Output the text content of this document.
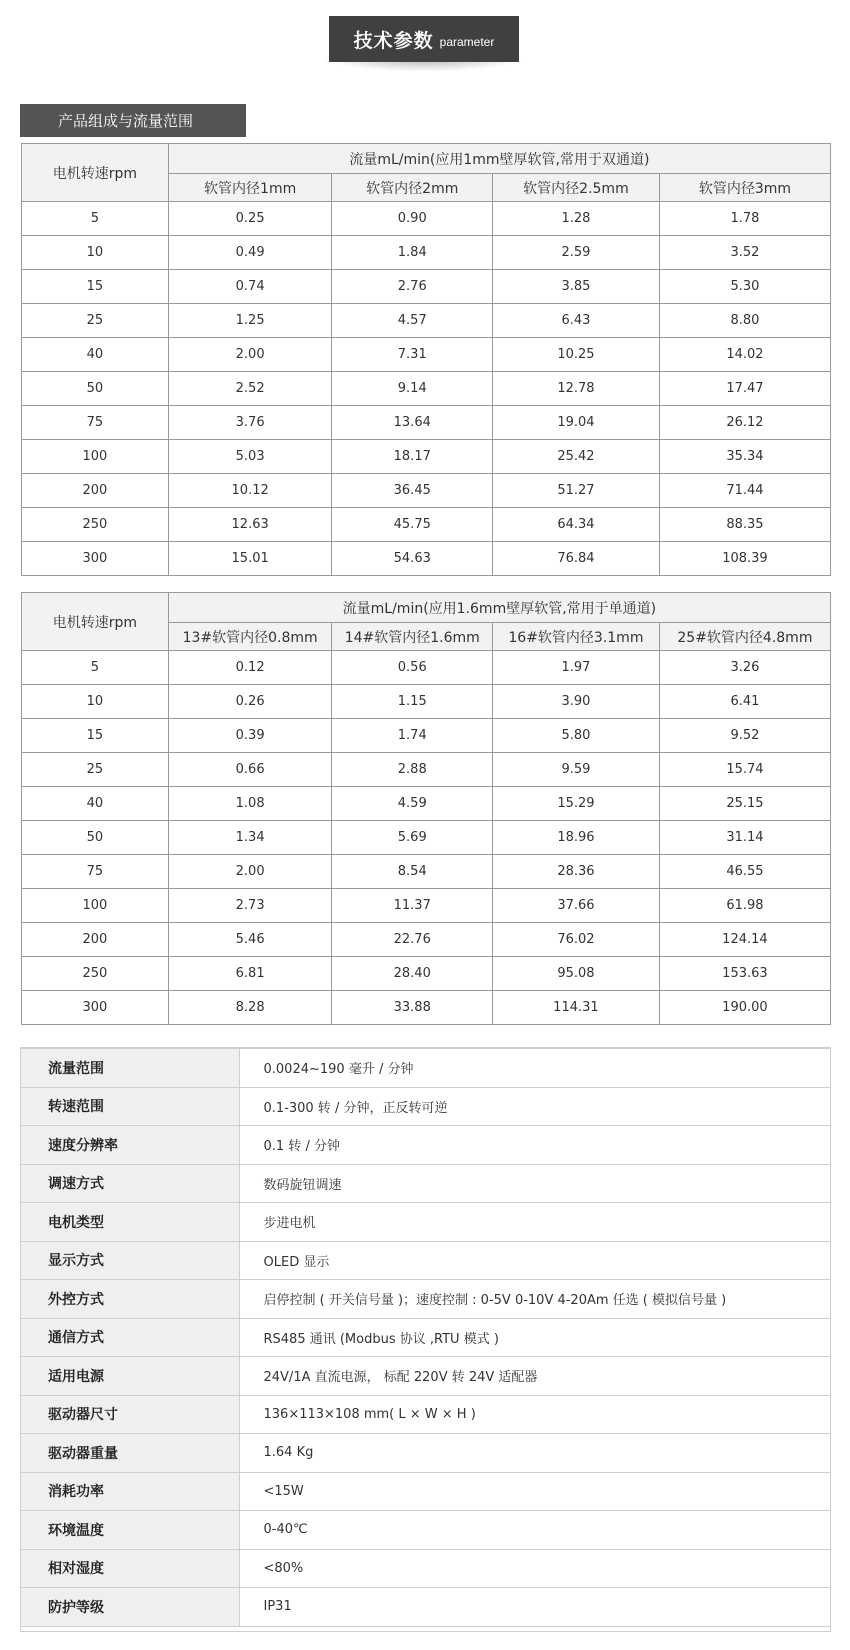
技术参数 parameter
产品组成与流量范围
电机转速rpm	流量mL/min(应用1mm壁厚软管,常用于双通道)			
	软管内径1mm	软管内径2mm	软管内径2.5mm	软管内径3mm
5	0.25	0.90	1.28	1.78
10	0.49	1.84	2.59	3.52
15	0.74	2.76	3.85	5.30
25	1.25	4.57	6.43	8.80
40	2.00	7.31	10.25	14.02
50	2.52	9.14	12.78	17.47
75	3.76	13.64	19.04	26.12
100	5.03	18.17	25.42	35.34
200	10.12	36.45	51.27	71.44
250	12.63	45.75	64.34	88.35
300	15.01	54.63	76.84	108.39
电机转速rpm	流量mL/min(应用1.6mm壁厚软管,常用于单通道)			
	13#软管内径0.8mm	14#软管内径1.6mm	16#软管内径3.1mm	25#软管内径4.8mm
5	0.12	0.56	1.97	3.26
10	0.26	1.15	3.90	6.41
15	0.39	1.74	5.80	9.52
25	0.66	2.88	9.59	15.74
40	1.08	4.59	15.29	25.15
50	1.34	5.69	18.96	31.14
75	2.00	8.54	28.36	46.55
100	2.73	11.37	37.66	61.98
200	5.46	22.76	76.02	124.14
250	6.81	28.40	95.08	153.63
300	8.28	33.88	114.31	190.00
流量范围	0.0024~190 毫升 / 分钟
转速范围	0.1-300 转 / 分钟，正反转可逆
速度分辨率	0.1 转 / 分钟
调速方式	数码旋钮调速
电机类型	步进电机
显示方式	OLED 显示
外控方式	启停控制 ( 开关信号量 )；速度控制 : 0-5V 0-10V 4-20Am 任选 ( 模拟信号量 )
通信方式	RS485 通讯 (Modbus 协议 ,RTU 模式 )
适用电源	24V/1A 直流电源， 标配 220V 转 24V 适配器
驱动器尺寸	136×113×108 mm( L × W × H )
驱动器重量	1.64 Kg
消耗功率	<15W
环境温度	0-40℃
相对湿度	<80%
防护等级	IP31
